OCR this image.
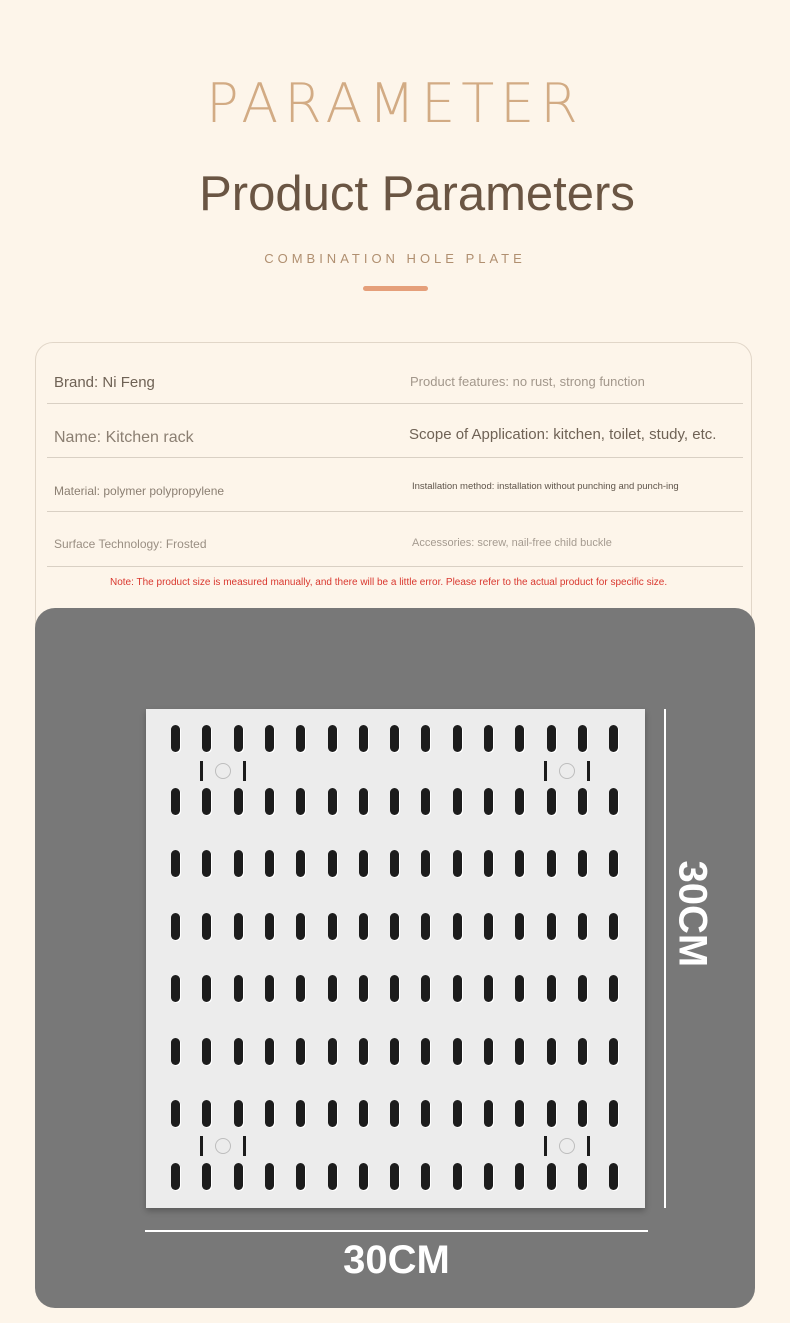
PARAMETER
Product Parameters
COMBINATION HOLE PLATE
Brand: Ni Feng	Product features: no rust, strong function
Name: Kitchen rack	Scope of Application: kitchen, toilet, study, etc.
Material: polymer polypropylene	Installation method: installation without punching and punch-ing
Surface Technology: Frosted	Accessories: screw, nail-free child buckle
Note: The product size is measured manually, and there will be a little error. Please refer to the actual product for specific size.
30CM
30CM
